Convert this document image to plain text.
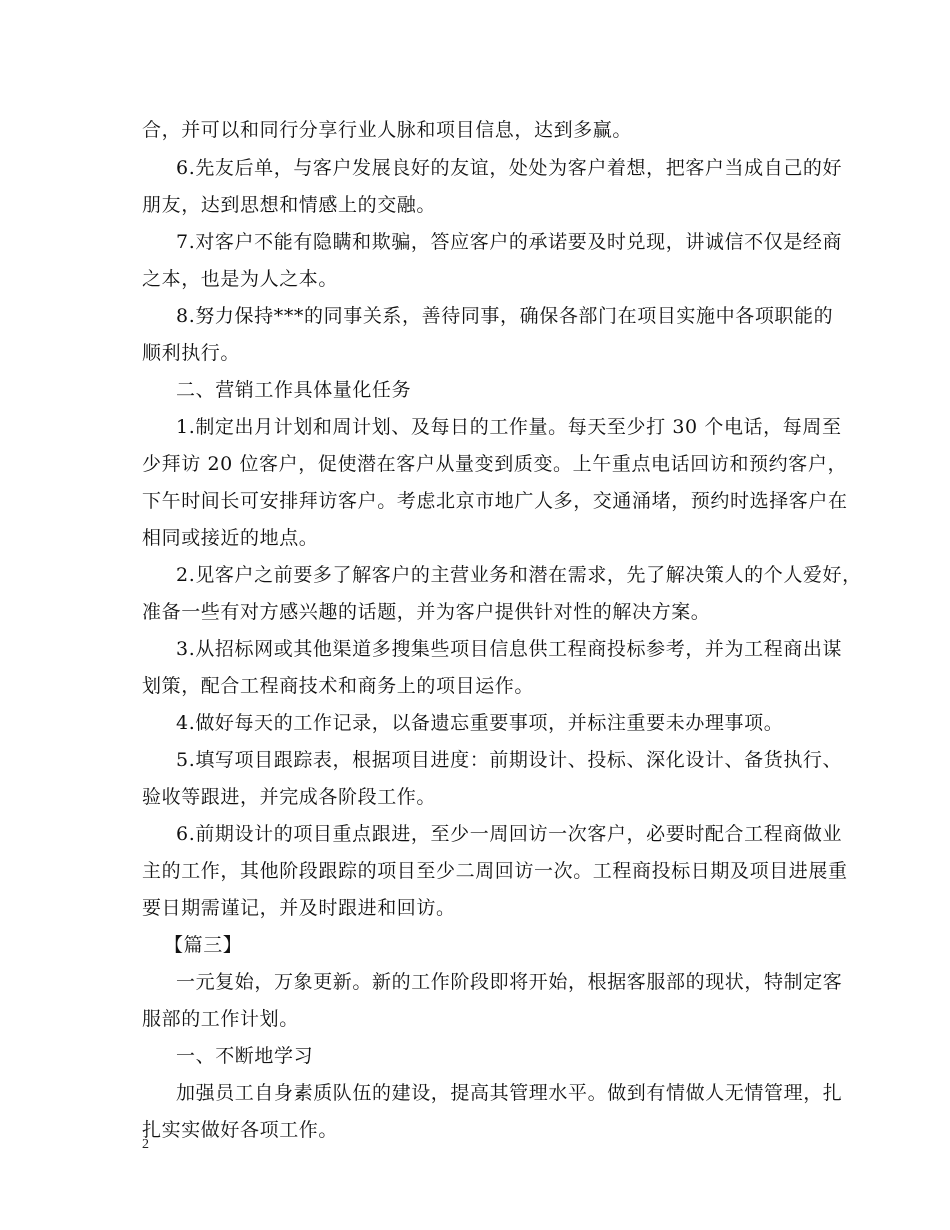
合，并可以和同行分享行业人脉和项目信息，达到多赢。
6.先友后单，与客户发展良好的友谊，处处为客户着想，把客户当成自己的好
朋友，达到思想和情感上的交融。
7.对客户不能有隐瞒和欺骗，答应客户的承诺要及时兑现，讲诚信不仅是经商
之本，也是为人之本。
8.努力保持***的同事关系，善待同事，确保各部门在项目实施中各项职能的
顺利执行。
二、营销工作具体量化任务
1.制定出月计划和周计划、及每日的工作量。每天至少打 30 个电话，每周至
少拜访 20 位客户，促使潜在客户从量变到质变。上午重点电话回访和预约客户，
下午时间长可安排拜访客户。考虑北京市地广人多，交通涌堵，预约时选择客户在
相同或接近的地点。
2.见客户之前要多了解客户的主营业务和潜在需求，先了解决策人的个人爱好，
准备一些有对方感兴趣的话题，并为客户提供针对性的解决方案。
3.从招标网或其他渠道多搜集些项目信息供工程商投标参考，并为工程商出谋
划策，配合工程商技术和商务上的项目运作。
4.做好每天的工作记录，以备遗忘重要事项，并标注重要未办理事项。
5.填写项目跟踪表，根据项目进度：前期设计、投标、深化设计、备货执行、
验收等跟进，并完成各阶段工作。
6.前期设计的项目重点跟进，至少一周回访一次客户，必要时配合工程商做业
主的工作，其他阶段跟踪的项目至少二周回访一次。工程商投标日期及项目进展重
要日期需谨记，并及时跟进和回访。
【篇三】
一元复始，万象更新。新的工作阶段即将开始，根据客服部的现状，特制定客
服部的工作计划。
一、不断地学习
加强员工自身素质队伍的建设，提高其管理水平。做到有情做人无情管理，扎
扎实实做好各项工作。
2
